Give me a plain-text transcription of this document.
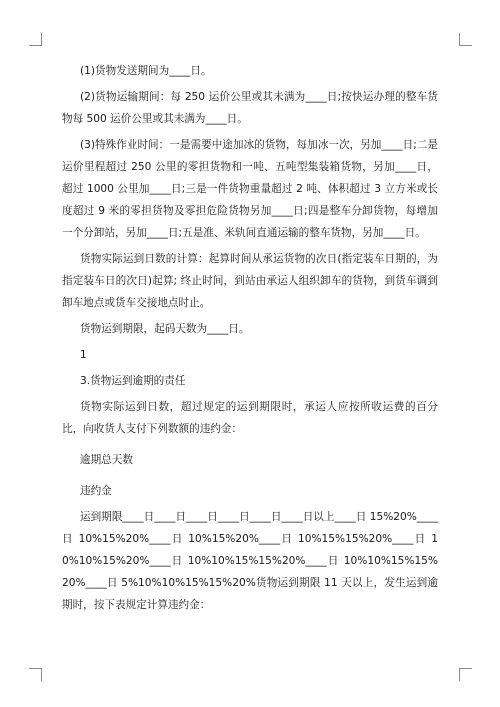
(1)货物发送期间为____日。

(2)货物运输期间：每 250 运价公里或其未满为____日;按快运办理的整车货物每 500 运价公里或其未满为____日。

(3)特殊作业时间：一是需要中途加冰的货物，每加冰一次，另加____日;二是运价里程超过 250 公里的零担货物和一吨、五吨型集装箱货物，另加____日，超过 1000 公里加____日;三是一件货物重量超过 2 吨、体积超过 3 立方米或长度超过 9 米的零担货物及零担危险货物另加____日;四是整车分卸货物，每增加一个分卸站，另加____日;五是准、米轨间直通运输的整车货物，另加____日。

货物实际运到日数的计算：起算时间从承运货物的次日(指定装车日期的，为指定装车日的次日)起算; 终止时间，到站由承运人组织卸车的货物，到货车调到卸车地点或货车交接地点时止。

货物运到期限，起码天数为____日。

1

3.货物运到逾期的责任

货物实际运到日数，超过规定的运到期限时，承运人应按所收运费的百分比，向收货人支付下列数额的违约金：

逾期总天数

违约金

运到期限____日____日____日____日____日____日以上____日 15%20%____日 10%15%20%____日 10%15%20%____日 10%15%15%20%____日 10%10%15%20%____日 10%10%15%15%20%____日 10%10%15%15%20%____日 5%10%10%15%15%20%货物运到期限 11 天以上，发生运到逾期时，按下表规定计算违约金：
